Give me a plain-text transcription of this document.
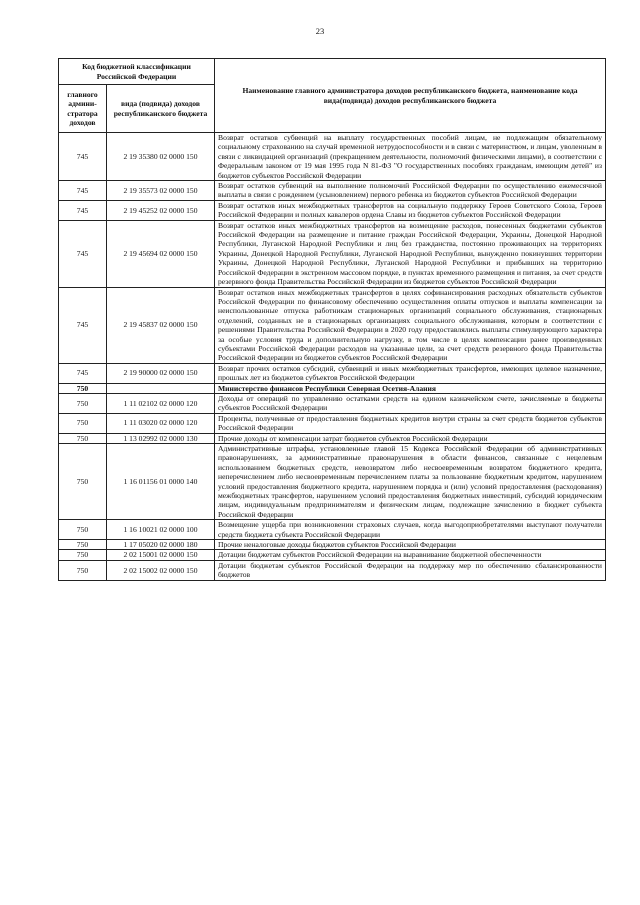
23
Код бюджетной классификации Российской Федерации		Наименование главного администратора доходов республиканского бюджета, наименование кода вида(подвида) доходов республиканского бюджета
главного админи-стратора доходов	вида (подвида) доходов республиканского бюджета	
745	2 19 35380 02 0000 150	Возврат остатков субвенций на выплату государственных пособий лицам, не подлежащим обязательному социальному страхованию на случай временной нетрудоспособности и в связи с материнством, и лицам, уволенным в связи с ликвидацией организаций (прекращением деятельности, полномочий физическими лицами), в соответствии с Федеральным законом от 19 мая 1995 года N 81-ФЗ "О государственных пособиях гражданам, имеющим детей" из бюджетов субъектов Российской Федерации
745	2 19 35573 02 0000 150	Возврат остатков субвенций на выполнение полномочий Российской Федерации по осуществлению ежемесячной выплаты в связи с рождением (усыновлением) первого ребенка из бюджетов субъектов Российской Федерации
745	2 19 45252 02 0000 150	Возврат остатков иных межбюджетных трансфертов на социальную поддержку Героев Советского Союза, Героев Российской Федерации и полных кавалеров ордена Славы из бюджетов субъектов Российской Федерации
745	2 19 45694 02 0000 150	Возврат остатков иных межбюджетных трансфертов на возмещение расходов, понесенных бюджетами субъектов Российской Федерации на размещение и питание граждан Российской Федерации, Украины, Донецкой Народной Республики, Луганской Народной Республики и лиц без гражданства, постоянно проживающих на территориях Украины, Донецкой Народной Республики, Луганской Народной Республики, вынужденно покинувших территории Украины, Донецкой Народной Республики, Луганской Народной Республики и прибывших на территорию Российской Федерации в экстренном массовом порядке, в пунктах временного размещения и питания, за счет средств резервного фонда Правительства Российской Федерации из бюджетов субъектов Российской Федерации
745	2 19 45837 02 0000 150	Возврат остатков иных межбюджетных трансфертов в целях софинансирования расходных обязательств субъектов Российской Федерации по финансовому обеспечению осуществления оплаты отпусков и выплаты компенсации за неиспользованные отпуска работникам стационарных организаций социального обслуживания, стационарных отделений, созданных не в стационарных организациях социального обслуживания, которым в соответствии с решениями Правительства Российской Федерации в 2020 году предоставлялись выплаты стимулирующего характера за особые условия труда и дополнительную нагрузку, в том числе в целях компенсации ранее произведенных субъектами Российской Федерации расходов на указанные цели, за счет средств резервного фонда Правительства Российской Федерации из бюджетов субъектов Российской Федерации
745	2 19 90000 02 0000 150	Возврат прочих остатков субсидий, субвенций и иных межбюджетных трансфертов, имеющих целевое назначение, прошлых лет из бюджетов субъектов Российской Федерации
750		Министерство финансов Республики Северная Осетия-Алания
750	1 11 02102 02 0000 120	Доходы от операций по управлению остатками средств на едином казначейском счете, зачисляемые в бюджеты субъектов Российской Федерации
750	1 11 03020 02 0000 120	Проценты, полученные от предоставления бюджетных кредитов внутри страны за счет средств бюджетов субъектов Российской Федерации
750	1 13 02992 02 0000 130	Прочие доходы от компенсации затрат бюджетов субъектов Российской Федерации
750	1 16 01156 01 0000 140	Административные штрафы, установленные главой 15 Кодекса Российской Федерации об административных правонарушениях, за административные правонарушения в области финансов, связанные с нецелевым использованием бюджетных средств, невозвратом либо несвоевременным возвратом бюджетного кредита, неперечислением либо несвоевременным перечислением платы за пользование бюджетным кредитом, нарушением условий предоставления бюджетного кредита, нарушением порядка и (или) условий предоставления (расходования) межбюджетных трансфертов, нарушением условий предоставления бюджетных инвестиций, субсидий юридическим лицам, индивидуальным предпринимателям и физическим лицам, подлежащие зачислению в бюджет субъекта Российской Федерации
750	1 16 10021 02 0000 100	Возмещение ущерба при возникновении страховых случаев, когда выгодоприобретателями выступают получатели средств бюджета субъекта Российской Федерации
750	1 17 05020 02 0000 180	Прочие неналоговые доходы бюджетов субъектов Российской Федерации
750	2 02 15001 02 0000 150	Дотации бюджетам субъектов Российской Федерации на выравнивание бюджетной обеспеченности
750	2 02 15002 02 0000 150	Дотации бюджетам субъектов Российской Федерации на поддержку мер по обеспечению сбалансированности бюджетов
